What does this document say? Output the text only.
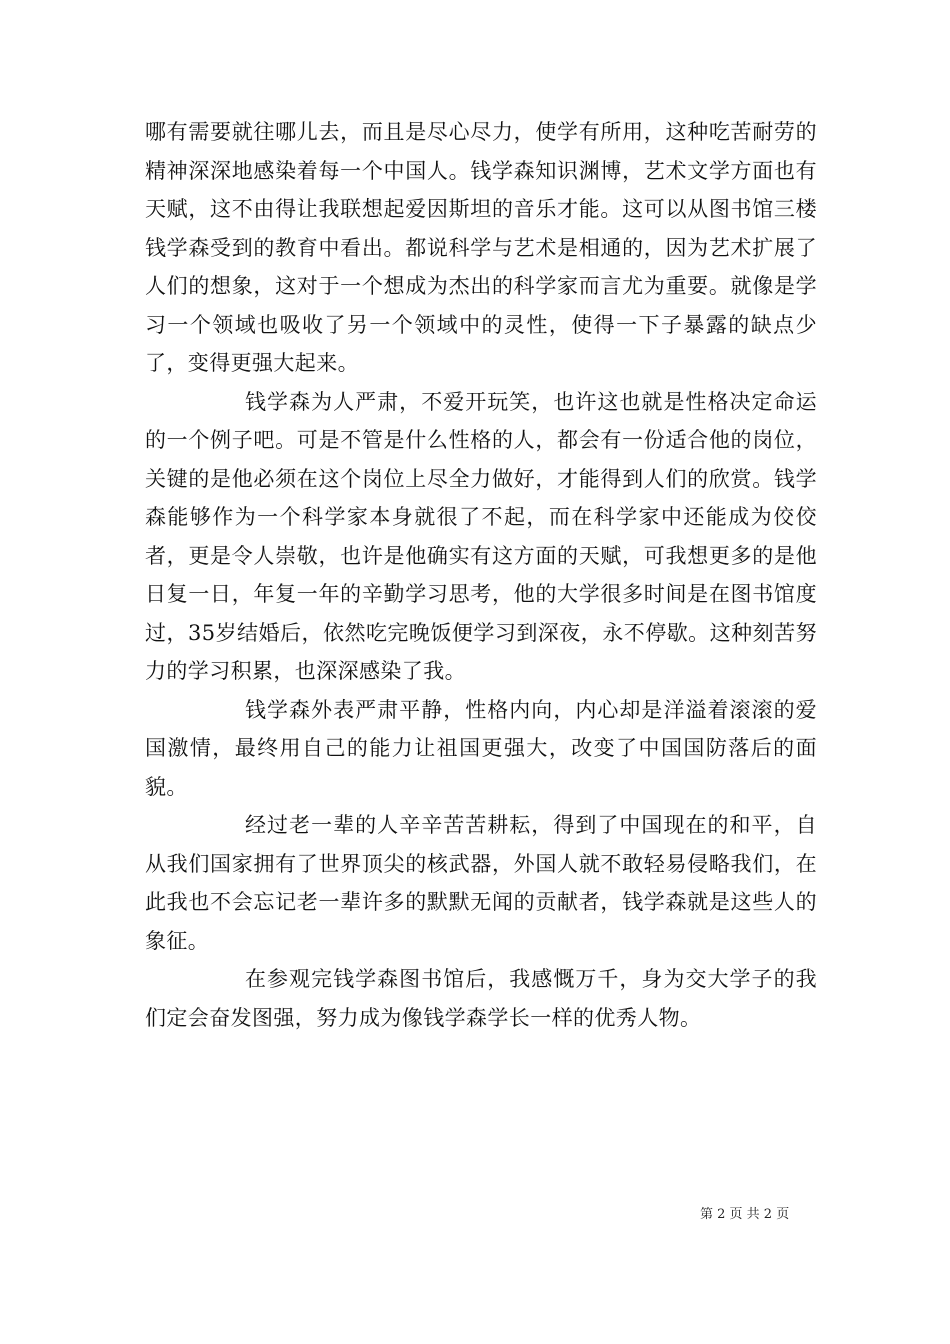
哪有需要就往哪儿去，而且是尽心尽力，使学有所用，这种吃苦耐劳的精神深深地感染着每一个中国人。钱学森知识渊博，艺术文学方面也有天赋，这不由得让我联想起爱因斯坦的音乐才能。这可以从图书馆三楼钱学森受到的教育中看出。都说科学与艺术是相通的，因为艺术扩展了人们的想象，这对于一个想成为杰出的科学家而言尤为重要。就像是学习一个领域也吸收了另一个领域中的灵性，使得一下子暴露的缺点少了，变得更强大起来。

钱学森为人严肃，不爱开玩笑，也许这也就是性格决定命运的一个例子吧。可是不管是什么性格的人，都会有一份适合他的岗位，关键的是他必须在这个岗位上尽全力做好，才能得到人们的欣赏。钱学森能够作为一个科学家本身就很了不起，而在科学家中还能成为佼佼者，更是令人崇敬，也许是他确实有这方面的天赋，可我想更多的是他日复一日，年复一年的辛勤学习思考，他的大学很多时间是在图书馆度过，35岁结婚后，依然吃完晚饭便学习到深夜，永不停歇。这种刻苦努力的学习积累，也深深感染了我。

钱学森外表严肃平静，性格内向，内心却是洋溢着滚滚的爱国激情，最终用自己的能力让祖国更强大，改变了中国国防落后的面貌。

经过老一辈的人辛辛苦苦耕耘，得到了中国现在的和平，自从我们国家拥有了世界顶尖的核武器，外国人就不敢轻易侵略我们，在此我也不会忘记老一辈许多的默默无闻的贡献者，钱学森就是这些人的象征。

在参观完钱学森图书馆后，我感慨万千，身为交大学子的我们定会奋发图强，努力成为像钱学森学长一样的优秀人物。

第 2 页 共 2 页
